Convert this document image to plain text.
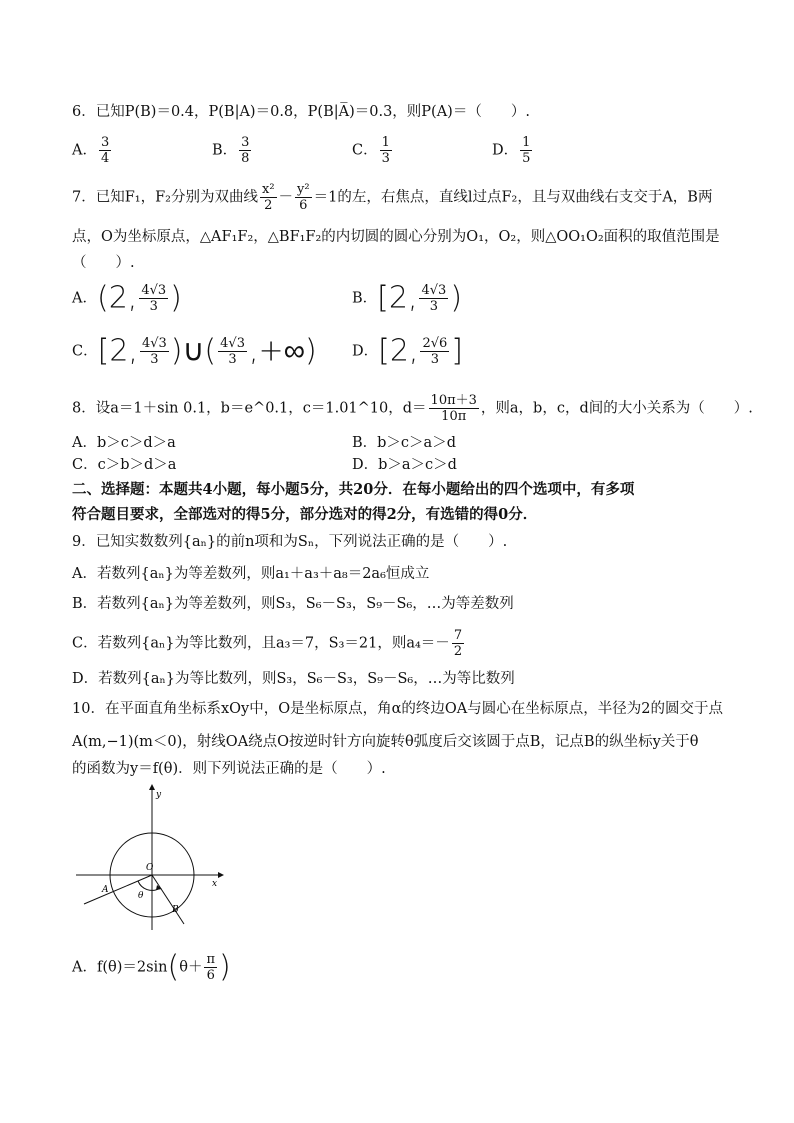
6．已知P(B)＝0.4，P(B|A)＝0.8，P(B|A̅)＝0.3，则P(A)＝（　　）.
A． $\frac{3}{4}$	B． $\frac{3}{8}$	C． $\frac{1}{3}$	D． $\frac{1}{5}$
7．已知F₁，F₂分别为双曲线 $\frac{\text{x²}}{2} - \frac{\text{y²}}{6} =1$的左，右焦点，直线l过点F₂，且与双曲线右支交于A，B两
点，O为坐标原点，△AF₁F₂，△BF₁F₂的内切圆的圆心分别为O₁，O₂，则△OO₁O₂面积的取值范围是
（　　）.
A．(2, $\frac{4√3}{3}$ )	B．[2, $\frac{4√3}{3}$ )
C．[2, $\frac{4√3}{3}$ )∪( $\frac{4√3}{3}$ ,+∞) D．[2, $\frac{2√6}{3}$ ]
8．设a＝1＋sin 0.1，b＝e^0.1，c＝1.01^10，$d= \frac{10\pi+3}{10\pi}$ ，则a，b，c，d间的大小关系为（　　）.
A．b＞c＞d＞a	B．b＞c＞a＞d
C．c＞b＞d＞a	D．b＞a＞c＞d
二、选择题：本题共4小题，每小题5分，共20分．在每小题给出的四个选项中，有多项
符合题目要求，全部选对的得5分，部分选对的得2分，有选错的得0分．
9．已知实数数列{aₙ}的前n项和为Sₙ，下列说法正确的是（　　）.
A．若数列{aₙ}为等差数列，则a₁＋a₃＋a₈＝2a₆恒成立
B．若数列{aₙ}为等差数列，则S₃，S₆－S₃，S₉－S₆，…为等差数列
C．若数列{aₙ}为等比数列，且a₃＝7，S₃＝21，则$a_4=- \frac{7}{2}$
D．若数列{aₙ}为等比数列，则S₃，S₆－S₃，S₉－S₆，…为等比数列
10．在平面直角坐标系xOy中，O是坐标原点，角α的终边OA与圆心在坐标原点，半径为2的圆交于点
A(m,−1)(m＜0)，射线OA绕点O按逆时针方向旋转θ弧度后交该圆于点B，记点B的纵坐标y关于θ
的函数为y＝f(θ)．则下列说法正确的是（　　）.
y
x
O
A
B
θ
A．$f(\theta)=2\sin(\theta+ \frac{\pi}{6}$ )
